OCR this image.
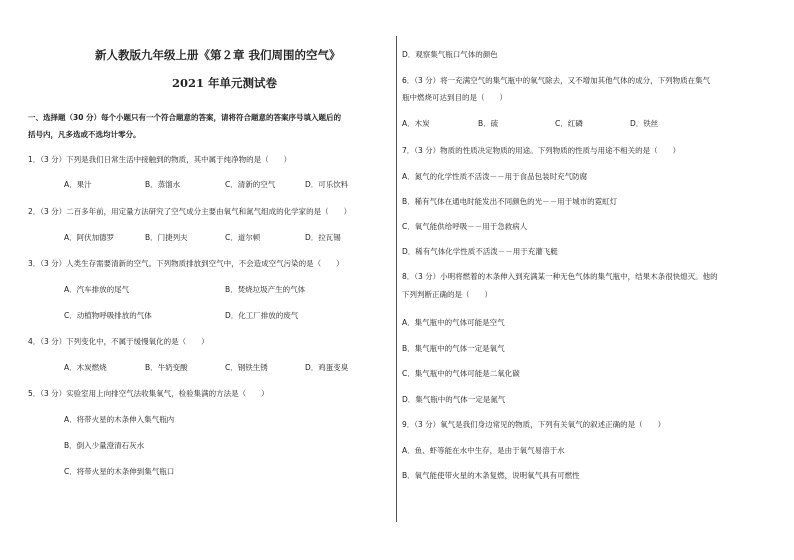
新人教版九年级上册《第２章 我们周围的空气》
2021 年单元测试卷
一、选择题（30 分）每个小题只有一个符合题意的答案，请将符合题意的答案序号填入题后的
括号内，凡多选或不选均计零分。
1．（3 分）下列是我们日常生活中接触到的物质，其中属于纯净物的是（　　）
A．果汁	B．蒸馏水	C．清新的空气	D．可乐饮料
2．（3 分）二百多年前，用定量方法研究了空气成分主要由氧气和氮气组成的化学家的是（　　）
A．阿伏加德罗	B．门捷列夫	C．道尔顿	D．拉瓦锡
3．（3 分）人类生存需要清新的空气。下列物质排放到空气中，不会造成空气污染的是（　　）
A．汽车排放的尾气	B．焚烧垃圾产生的气体
C．动植物呼吸排放的气体	D．化工厂排放的废气
4．（3 分）下列变化中，不属于缓慢氧化的是（　　）
A．木炭燃烧	B．牛奶变酸	C．钢铁生锈	D．鸡蛋变臭
5．（3 分）实验室用上向排空气法收集氧气，检验集满的方法是（　　）
A．将带火星的木条伸入集气瓶内
B．倒入少量澄清石灰水
C．将带火星的木条伸到集气瓶口
D．观察集气瓶口气体的颜色
6．（3 分）将一充满空气的集气瓶中的氧气除去，又不增加其他气体的成分，下列物质在集气
瓶中燃烧可达到目的是（　　）
A．木炭	B．硫	C．红磷	D．铁丝
7．（3 分）物质的性质决定物质的用途。下列物质的性质与用途不相关的是（　　）
A．氮气的化学性质不活泼－－用于食品包装时充气防腐
B．稀有气体在通电时能发出不同颜色的光－－用于城市的霓虹灯
C．氧气能供给呼吸－－用于急救病人
D．稀有气体化学性质不活泼－－用于充灌飞艇
8．（3 分）小明将燃着的木条伸入到充满某一种无色气体的集气瓶中，结果木条很快熄灭。他的
下列判断正确的是（　　）
A．集气瓶中的气体可能是空气
B．集气瓶中的气体一定是氧气
C．集气瓶中的气体可能是二氧化碳
D．集气瓶中的气体一定是氮气
9．（3 分）氧气是我们身边常见的物质，下列有关氧气的叙述正确的是（　　）
A．鱼、虾等能在水中生存，是由于氧气易溶于水
B．氧气能使带火星的木条复燃，说明氧气具有可燃性
